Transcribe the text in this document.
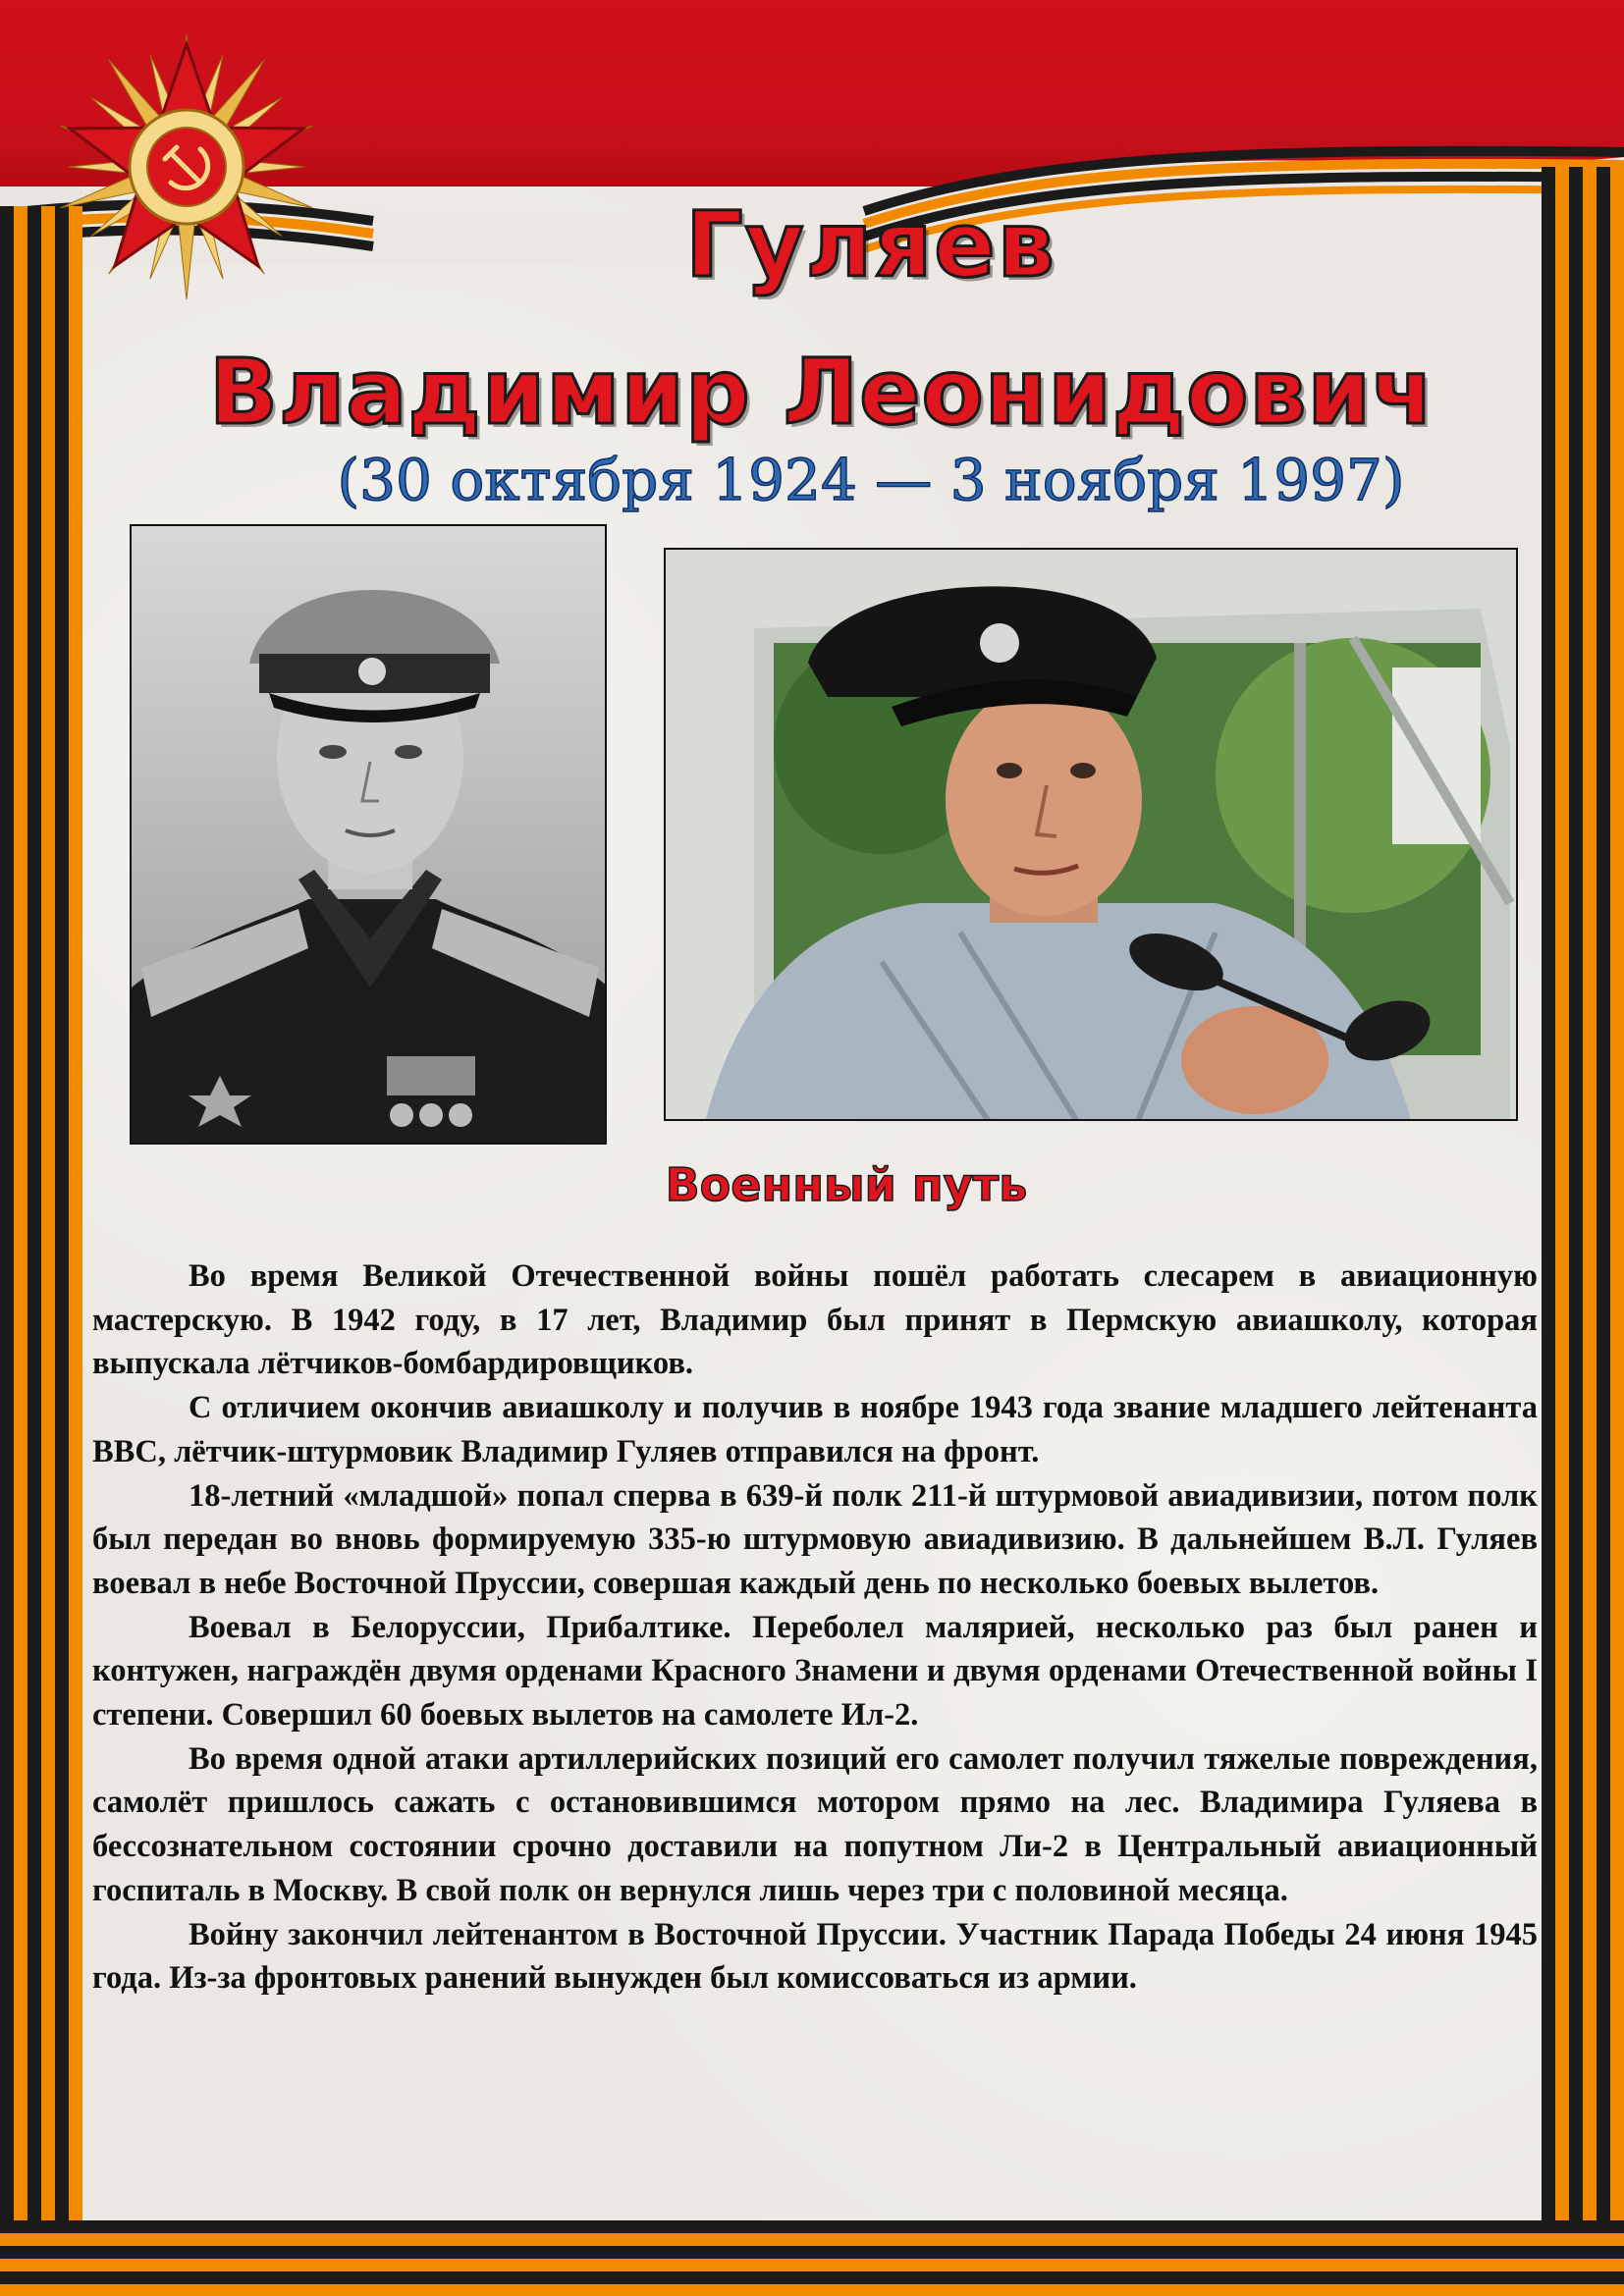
Гуляев
Владимир Леонидович
(30 октября 1924 — 3 ноября 1997)
Военный путь

Во время Великой Отечественной войны пошёл работать слесарем в авиационную мастерскую. В 1942 году, в 17 лет, Владимир был принят в Пермскую авиашколу, которая выпускала лётчиков-бомбардировщиков.

С отличием окончив авиашколу и получив в ноябре 1943 года звание младшего лейтенанта ВВС, лётчик-штурмовик Владимир Гуляев отправился на фронт.

18-летний «младшой» попал сперва в 639-й полк 211-й штурмовой авиадивизии, потом полк был передан во вновь формируемую 335-ю штурмовую авиадивизию. В дальнейшем В.Л. Гуляев воевал в небе Восточной Пруссии, совершая каждый день по несколько боевых вылетов.

Воевал в Белоруссии, Прибалтике. Переболел малярией, несколько раз был ранен и контужен, награждён двумя орденами Красного Знамени и двумя орденами Отечественной войны I степени. Совершил 60 боевых вылетов на самолете Ил-2.

Во время одной атаки артиллерийских позиций его самолет получил тяжелые повреждения, самолёт пришлось сажать с остановившимся мотором прямо на лес. Владимира Гуляева в бессознательном состоянии срочно доставили на попутном Ли-2 в Центральный авиационный госпиталь в Москву. В свой полк он вернулся лишь через три с половиной месяца.

Войну закончил лейтенантом в Восточной Пруссии. Участник Парада Победы 24 июня 1945 года. Из-за фронтовых ранений вынужден был комиссоваться из армии.
